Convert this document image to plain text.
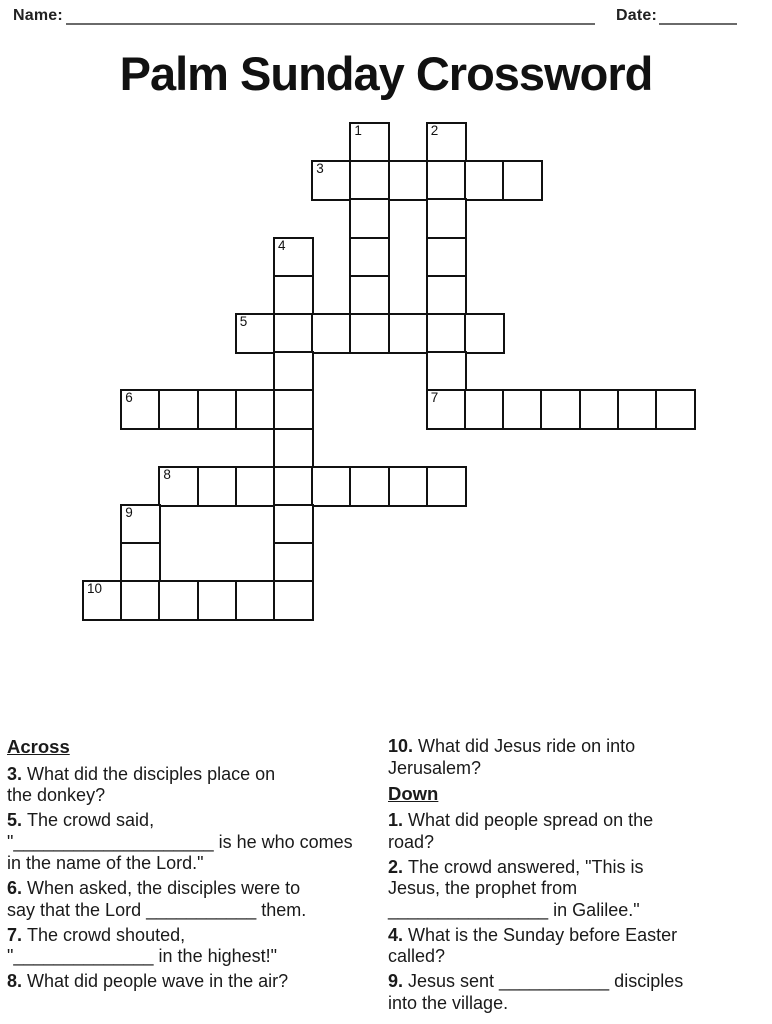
Name:	Date:
Palm Sunday Crossword
1	2
3
4
5
6	7
8
9
10
Across
3. What did the disciples place on
the donkey?
5. The crowd said,
"____________________ is he who comes
in the name of the Lord."
6. When asked, the disciples were to
say that the Lord ___________ them.
7. The crowd shouted,
"______________ in the highest!"
8. What did people wave in the air?
10. What did Jesus ride on into
Jerusalem?
Down
1. What did people spread on the
road?
2. The crowd answered, "This is
Jesus, the prophet from
________________ in Galilee."
4. What is the Sunday before Easter
called?
9. Jesus sent ___________ disciples
into the village.
